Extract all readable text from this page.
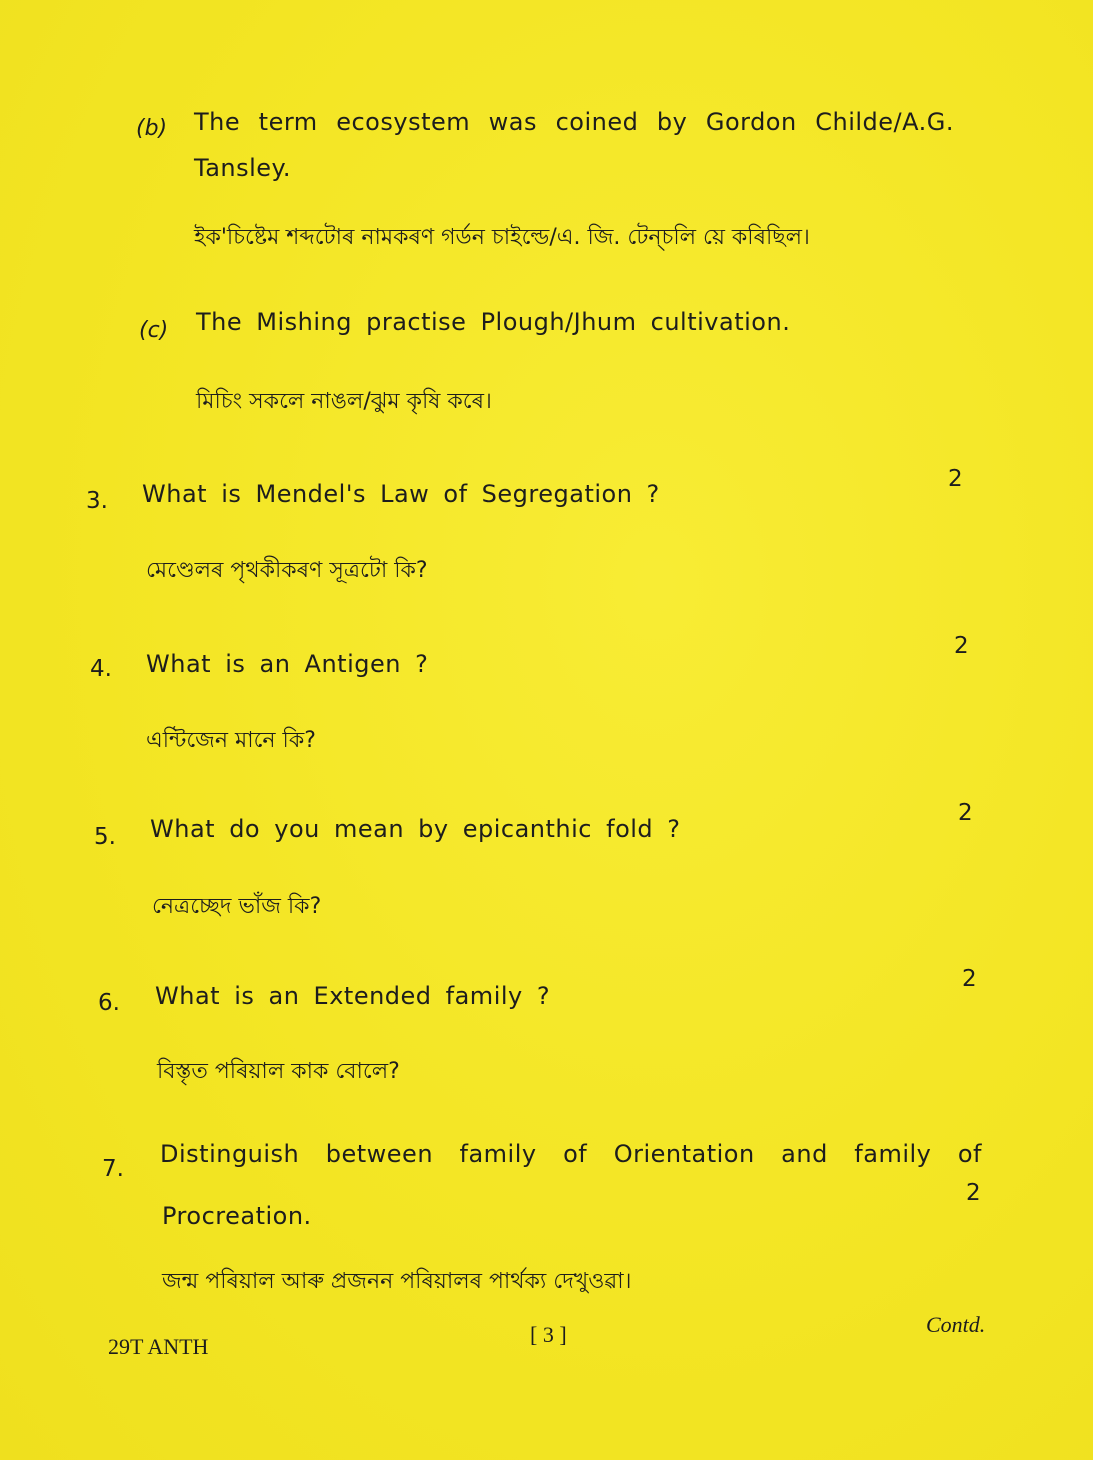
(b) The term ecosystem was coined by Gordon Childe/A.G.
Tansley.
ইক'চিষ্টেম শব্দটোৰ নামকৰণ গৰ্ডন চাইল্ডে/এ. জি. টেন্‌চলি য়ে কৰিছিল।
(c) The Mishing practise Plough/Jhum cultivation.
মিচিং সকলে নাঙল/ঝুম কৃষি কৰে।
3. What is Mendel's Law of Segregation ?
2
মেণ্ডেলৰ পৃথকীকৰণ সূত্ৰটো কি?
4. What is an Antigen ?
2
এন্টিজেন মানে কি?
5. What do you mean by epicanthic fold ?
2
নেত্ৰচ্ছেদ ভাঁজ কি?
6. What is an Extended family ?
2
বিস্তৃত পৰিয়াল কাক বোলে?
7.
Distinguish between family of Orientation and family of
Procreation.
2
জন্ম পৰিয়াল আৰু প্ৰজনন পৰিয়ালৰ পাৰ্থক্য দেখুওৱা।
29T ANTH	[ 3 ]	Contd.
